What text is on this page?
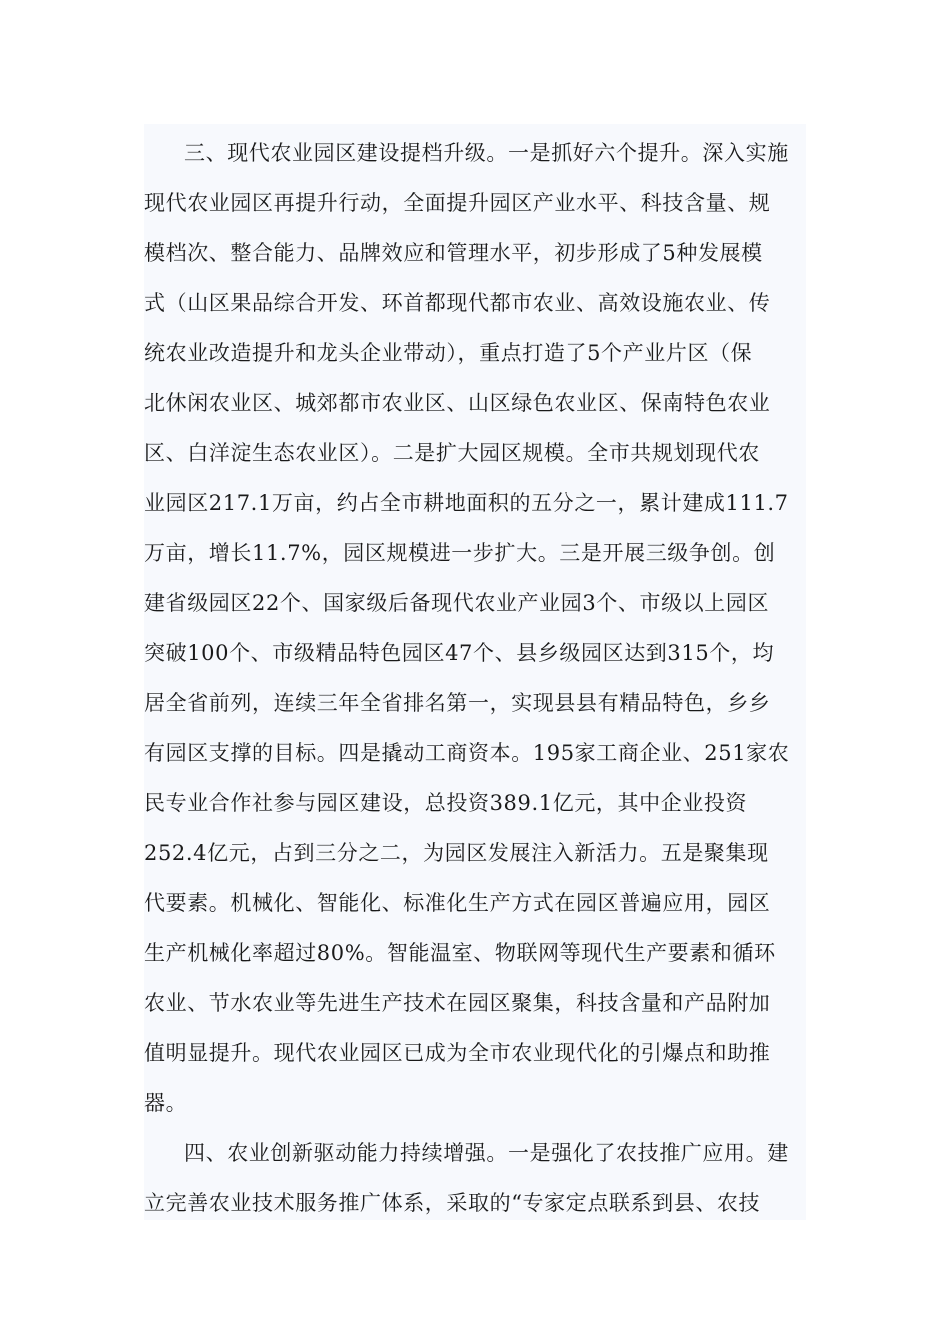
三、现代农业园区建设提档升级。一是抓好六个提升。深入实施
现代农业园区再提升行动，全面提升园区产业水平、科技含量、规
模档次、整合能力、品牌效应和管理水平，初步形成了5种发展模
式（山区果品综合开发、环首都现代都市农业、高效设施农业、传
统农业改造提升和龙头企业带动），重点打造了5个产业片区（保
北休闲农业区、城郊都市农业区、山区绿色农业区、保南特色农业
区、白洋淀生态农业区）。二是扩大园区规模。全市共规划现代农
业园区217.1万亩，约占全市耕地面积的五分之一，累计建成111.7
万亩，增长11.7%，园区规模进一步扩大。三是开展三级争创。创
建省级园区22个、国家级后备现代农业产业园3个、市级以上园区
突破100个、市级精品特色园区47个、县乡级园区达到315个，均
居全省前列，连续三年全省排名第一，实现县县有精品特色，乡乡
有园区支撑的目标。四是撬动工商资本。195家工商企业、251家农
民专业合作社参与园区建设，总投资389.1亿元，其中企业投资
252.4亿元，占到三分之二，为园区发展注入新活力。五是聚集现
代要素。机械化、智能化、标准化生产方式在园区普遍应用，园区
生产机械化率超过80%。智能温室、物联网等现代生产要素和循环
农业、节水农业等先进生产技术在园区聚集，科技含量和产品附加
值明显提升。现代农业园区已成为全市农业现代化的引爆点和助推
器。
四、农业创新驱动能力持续增强。一是强化了农技推广应用。建
立完善农业技术服务推广体系，采取的“专家定点联系到县、农技
